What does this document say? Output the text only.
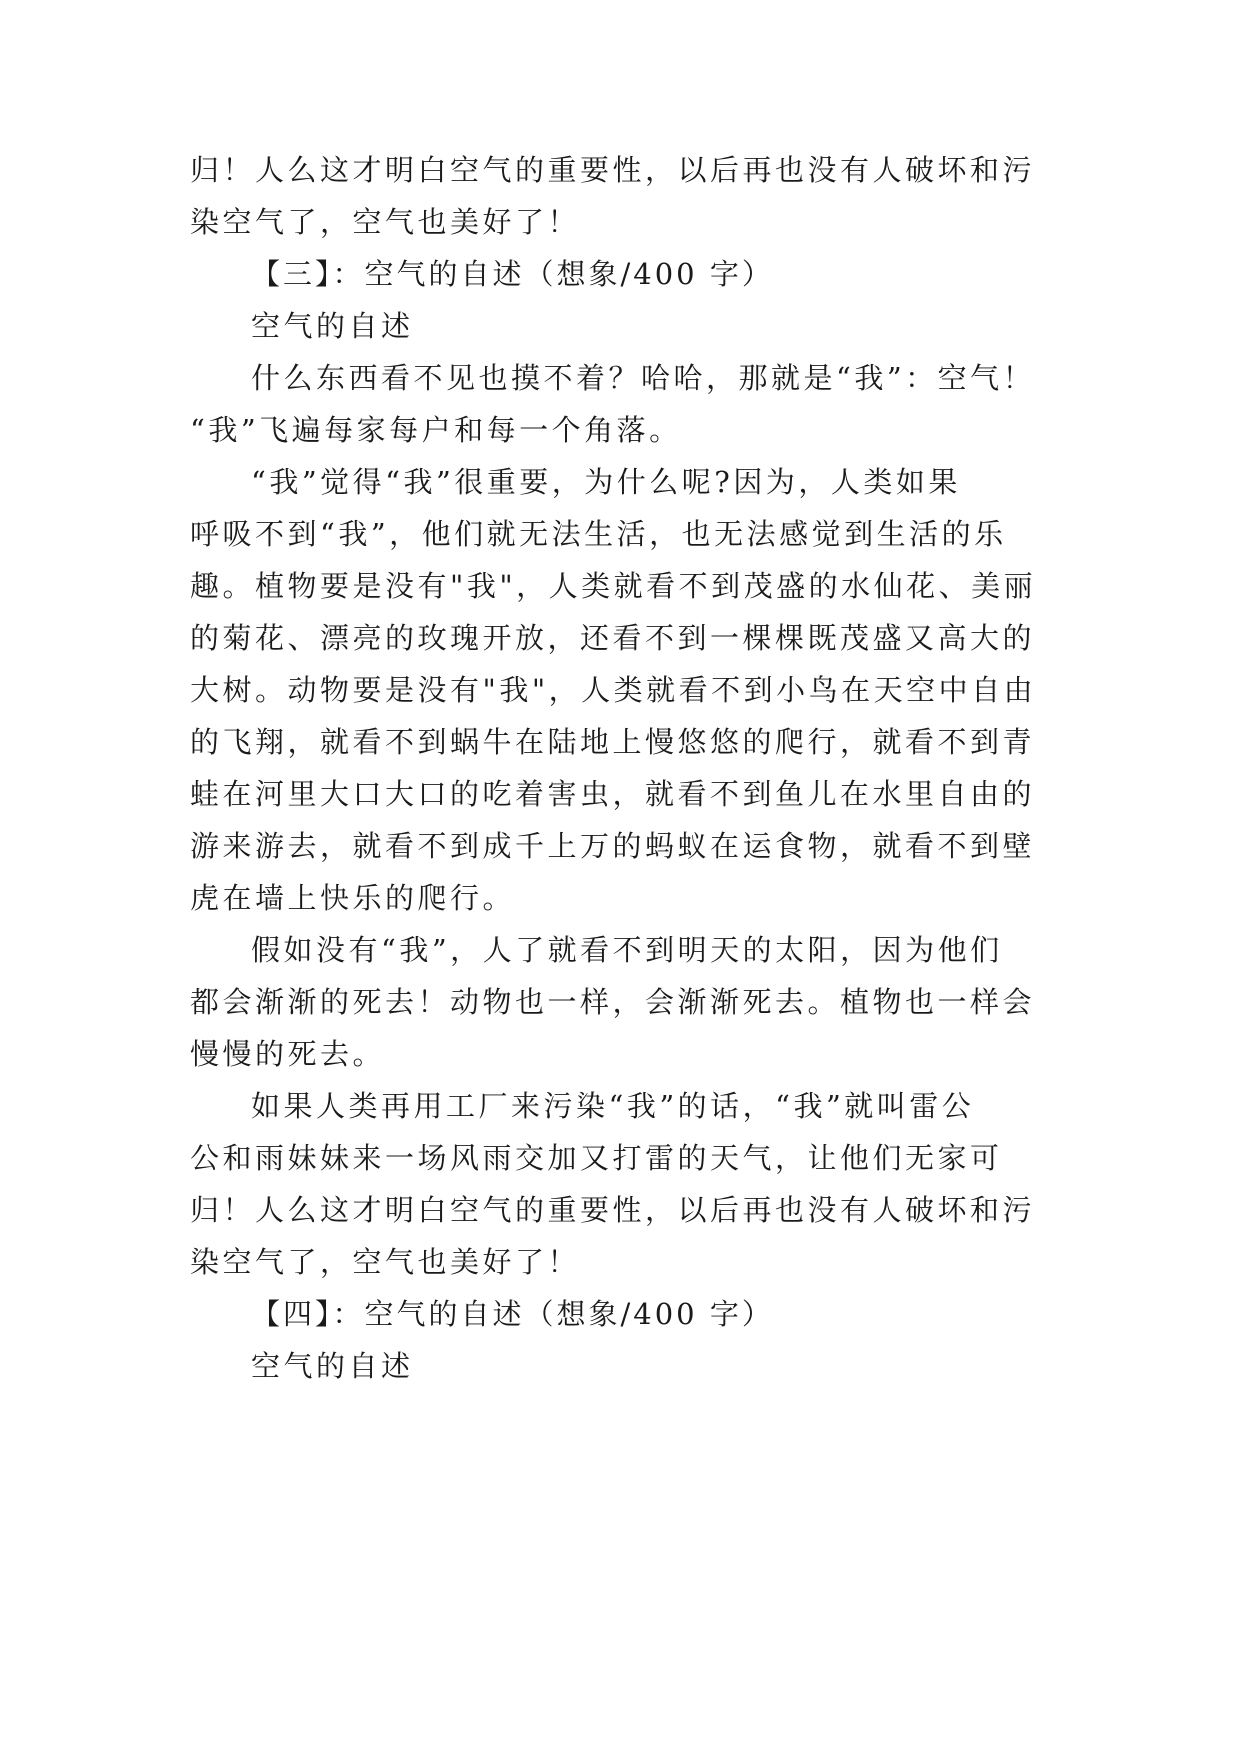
归！人么这才明白空气的重要性，以后再也没有人破坏和污
染空气了，空气也美好了！
【三】：空气的自述（想象/400 字）
空气的自述
什么东西看不见也摸不着？哈哈，那就是“我”：空气！
“我”飞遍每家每户和每一个角落。
“我”觉得“我”很重要，为什么呢?因为，人类如果
呼吸不到“我”，他们就无法生活，也无法感觉到生活的乐
趣。植物要是没有"我"，人类就看不到茂盛的水仙花、美丽
的菊花、漂亮的玫瑰开放，还看不到一棵棵既茂盛又高大的
大树。动物要是没有"我"，人类就看不到小鸟在天空中自由
的飞翔，就看不到蜗牛在陆地上慢悠悠的爬行，就看不到青
蛙在河里大口大口的吃着害虫，就看不到鱼儿在水里自由的
游来游去，就看不到成千上万的蚂蚁在运食物，就看不到壁
虎在墙上快乐的爬行。
假如没有“我”，人了就看不到明天的太阳，因为他们
都会渐渐的死去！动物也一样，会渐渐死去。植物也一样会
慢慢的死去。
如果人类再用工厂来污染“我”的话，“我”就叫雷公
公和雨妹妹来一场风雨交加又打雷的天气，让他们无家可
归！人么这才明白空气的重要性，以后再也没有人破坏和污
染空气了，空气也美好了！
【四】：空气的自述（想象/400 字）
空气的自述
